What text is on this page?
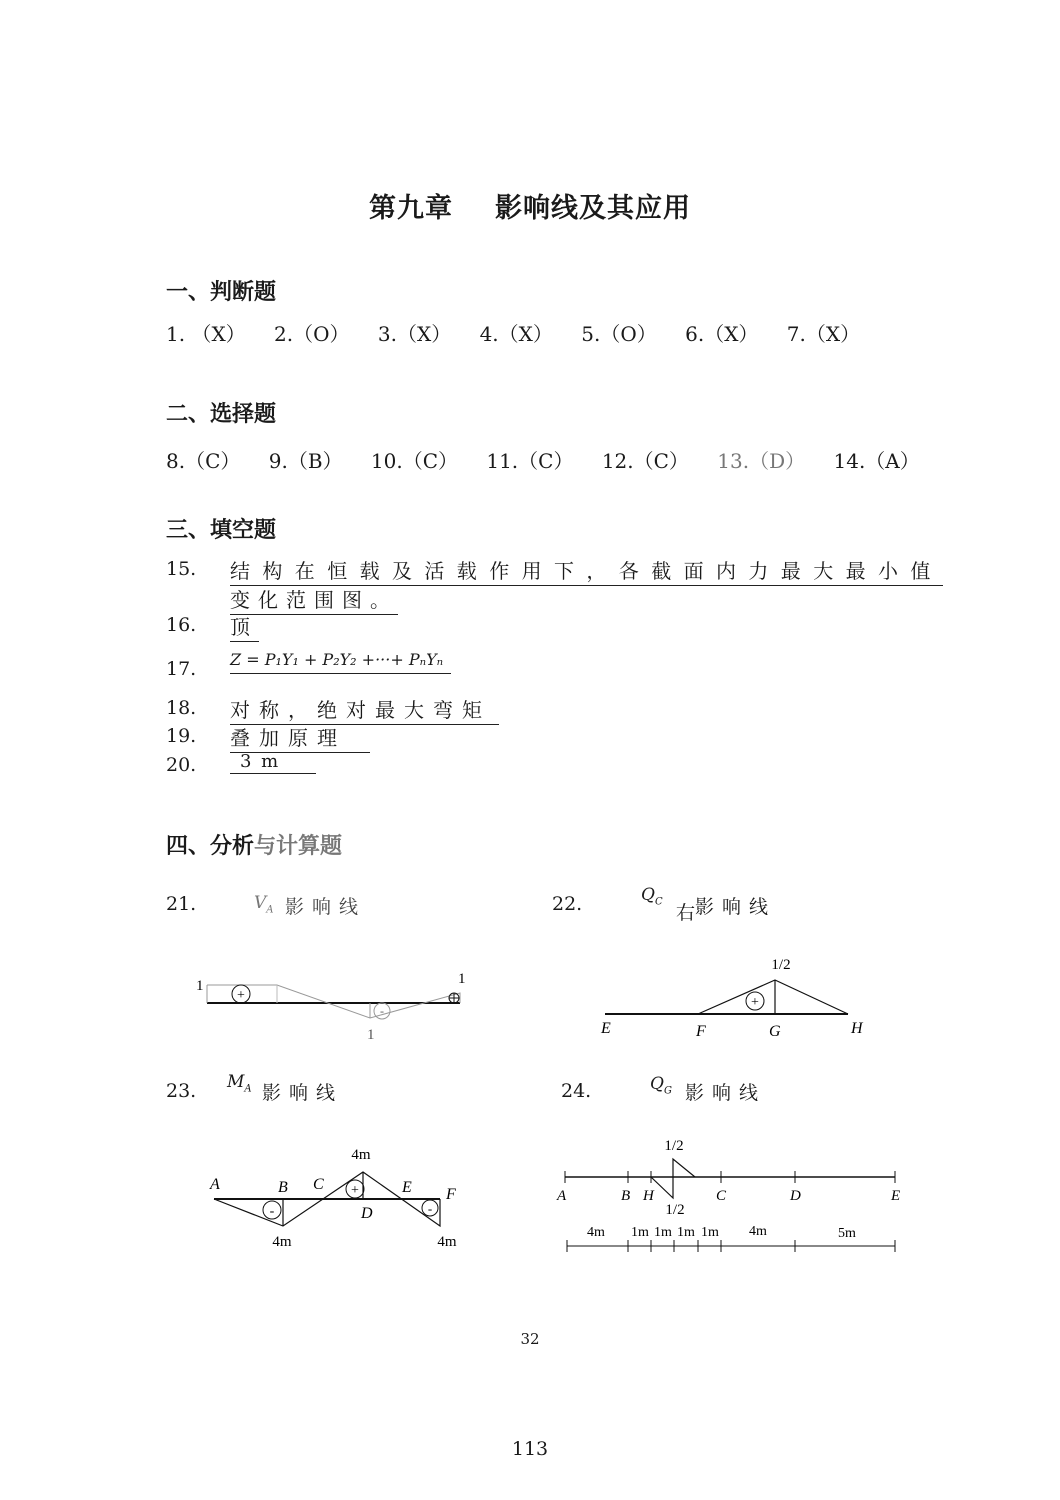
第九章 影响线及其应用
一、判断题
1. （X） 2.（O） 3.（X） 4.（X） 5.（O） 6.（X） 7.（X）
二、选择题
8.（C） 9.（B） 10.（C） 11.（C） 12.（C） 13.（D） 14.（A）
三、填空题
15. 结构在恒载及活载作用下，各截面内力最大最小值
变化范围图。
16. 顶
17. Z = P₁Y₁ + P₂Y₂ +···+ PₙYₙ
18. 对称，绝对最大弯矩
19. 叠加原理
20.	3 m
四、分析与计算题
21.	$V_A$ 影响线	22.	$Q_C$
右影响线
23. $M_A$ 影响线	24.	$Q_G$ 影响线
+
-
1	1
1
+
1/2
E	F	G	H
-
+
-
4m
4m	4m
A	B C
D
E F
1/2
1/2
A	B H	C	D	E
4m 1m 1m 1m 1m 4m	5m
32
113
